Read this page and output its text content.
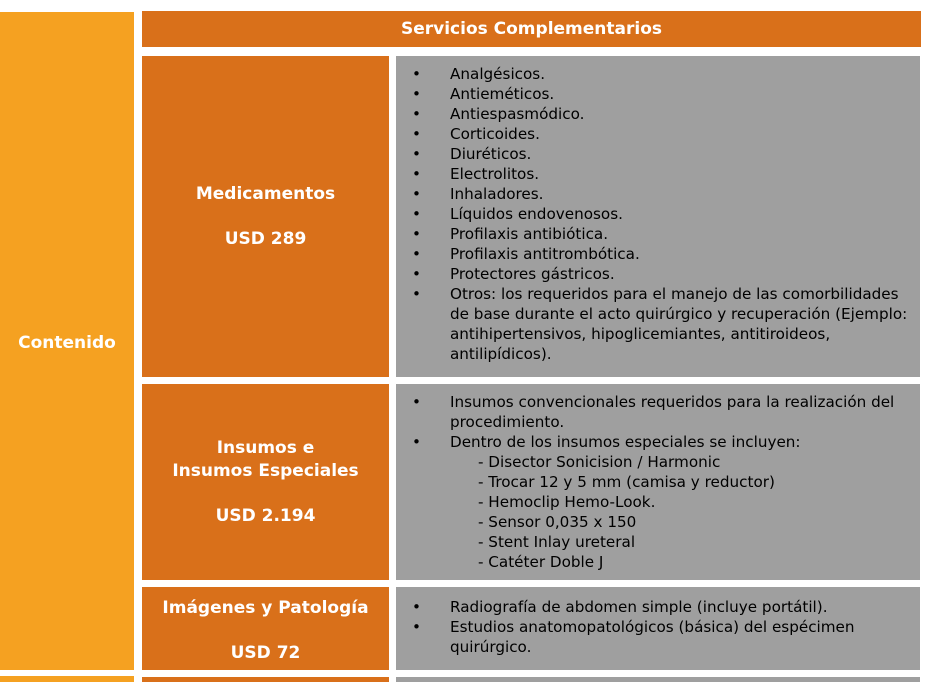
Contenido
Servicios Complementarios
Medicamentos
USD 289
• Analgésicos.
• Antieméticos.
• Antiespasmódico.
• Corticoides.
• Diuréticos.
• Electrolitos.
• Inhaladores.
• Líquidos endovenosos.
• Profilaxis antibiótica.
• Profilaxis antitrombótica.
• Protectores gástricos.
• Otros: los requeridos para el manejo de las comorbilidades de base durante el acto quirúrgico y recuperación (Ejemplo: antihipertensivos, hipoglicemiantes, antitiroideos, antilipídicos).
Insumos e
Insumos Especiales
USD 2.194
• Insumos convencionales requeridos para la realización del procedimiento.
• Dentro de los insumos especiales se incluyen:
- Disector Sonicision / Harmonic
- Trocar 12 y 5 mm (camisa y reductor)
- Hemoclip Hemo-Look.
- Sensor 0,035 x 150
- Stent Inlay ureteral
- Catéter Doble J
Imágenes y Patología
USD 72
• Radiografía de abdomen simple (incluye portátil).
• Estudios anatomopatológicos (básica) del espécimen quirúrgico.
